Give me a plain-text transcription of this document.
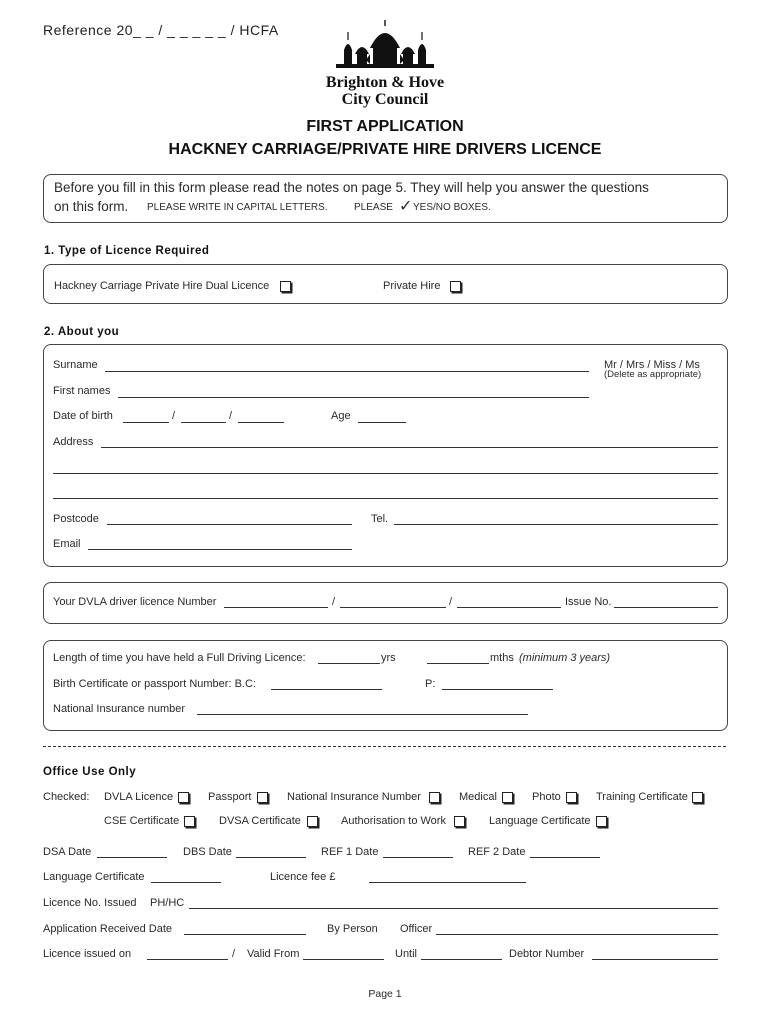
Reference 20_ _ / _ _ _ _ _ / HCFA
Brighton & Hove
City Council
FIRST APPLICATION
HACKNEY CARRIAGE/PRIVATE HIRE DRIVERS LICENCE
Before you fill in this form please read the notes on page 5. They will help you answer the questions
on this form. PLEASE WRITE IN CAPITAL LETTERS.	PLEASE ✓ YES/NO BOXES.
1. Type of Licence Required
Hackney Carriage Private Hire Dual Licence	Private Hire
2. About you
Surname	Mr / Mrs / Miss / Ms
(Delete as appropriate)
First names
Date of birth	/	/	Age
Address
Postcode	Tel.
Email
Your DVLA driver licence Number	/	/	Issue No.
Length of time you have held a Full Driving Licence:	yrs	mths (minimum 3 years)
Birth Certificate or passport Number: B.C:	P:
National Insurance number
Office Use Only
Checked: DVLA Licence	Passport	National Insurance Number	Medical	Photo	Training Certificate
CSE Certificate	DVSA Certificate	Authorisation to Work	Language Certificate
DSA Date	DBS Date	REF 1 Date	REF 2 Date
Language Certificate	Licence fee £
Licence No. Issued PH/HC
Application Received Date	By Person Officer
Licence issued on	/ Valid From	Until	Debtor Number
Page 1
